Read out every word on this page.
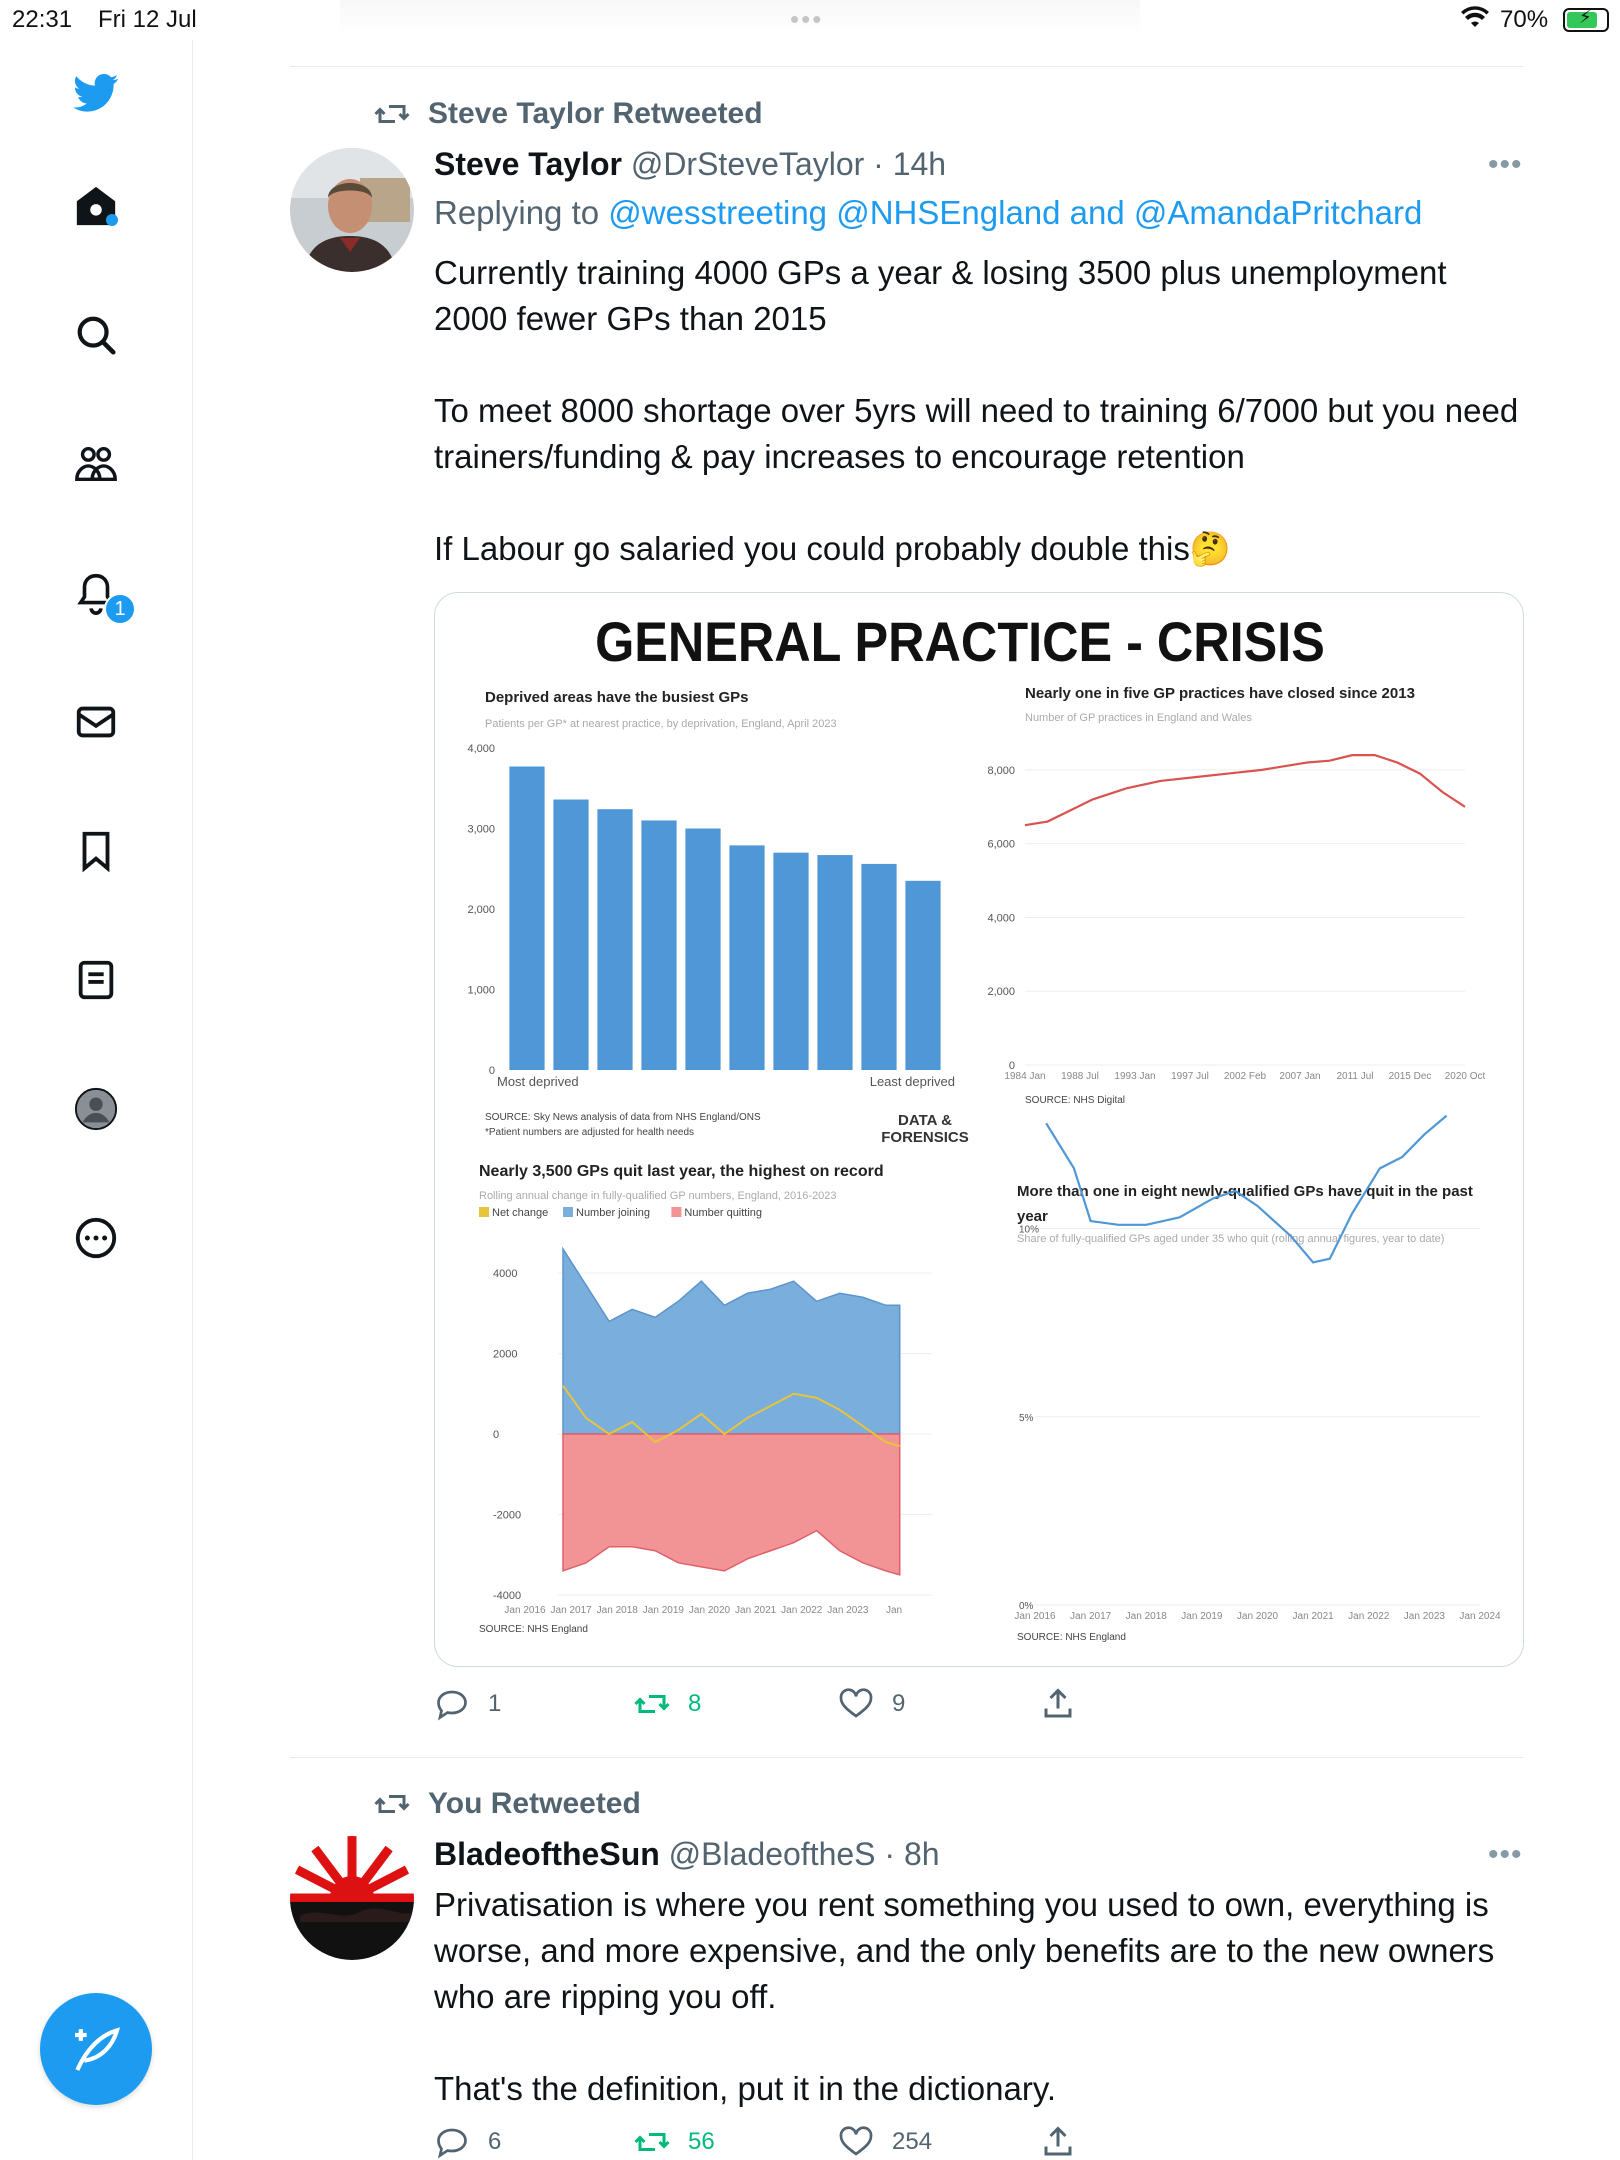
22:31 Fri 12 Jul	70% ⚡
1
Steve Taylor Retweeted
Steve Taylor @DrSteveTaylor · 14h	•••
Replying to @wesstreeting @NHSEngland and @AmandaPritchard
Currently training 4000 GPs a year & losing 3500 plus unemployment 2000 fewer GPs than 2015

To meet 8000 shortage over 5yrs will need to training 6/7000 but you need trainers/funding & pay increases to encourage retention

If Labour go salaried you could probably double this🤔
GENERAL PRACTICE - CRISIS
DATA &
FORENSICS
Deprived areas have the busiest GPs
Patients per GP* at nearest practice, by deprivation, England, April 2023
4,000
3,000
2,000
1,000
0
Most deprived	Least deprived
SOURCE: Sky News analysis of data from NHS England/ONS
*Patient numbers are adjusted for health needs
Nearly one in five GP practices have closed since 2013
Number of GP practices in England and Wales
8,000
6,000
4,000
2,000
0
1984 Jan 1988 Jul 1993 Jan 1997 Jul 2002 Feb 2007 Jan 2011 Jul 2015 Dec 2020 Oct
SOURCE: NHS Digital
Nearly 3,500 GPs quit last year, the highest on record
Rolling annual change in fully-qualified GP numbers, England, 2016-2023
Net change	Number joining	Number quitting
4000
2000
0
-2000
-4000
Jan 2016 Jan 2017 Jan 2018 Jan 2019 Jan 2020 Jan 2021 Jan 2022 Jan 2023 Jan
SOURCE: NHS England
More than one in eight newly-qualified GPs have quit in the past
year
Share of fully-qualified GPs aged under 35 who quit (rolling annual figures, year to date)
10%
5%
0%
Jan 2016 Jan 2017 Jan 2018 Jan 2019 Jan 2020 Jan 2021 Jan 2022 Jan 2023 Jan 2024
SOURCE: NHS England
1	8	9
You Retweeted
BladeoftheSun @BladeoftheS · 8h	•••
Privatisation is where you rent something you used to own, everything is worse, and more expensive, and the only benefits are to the new owners who are ripping you off.

That's the definition, put it in the dictionary.
6	56	254
